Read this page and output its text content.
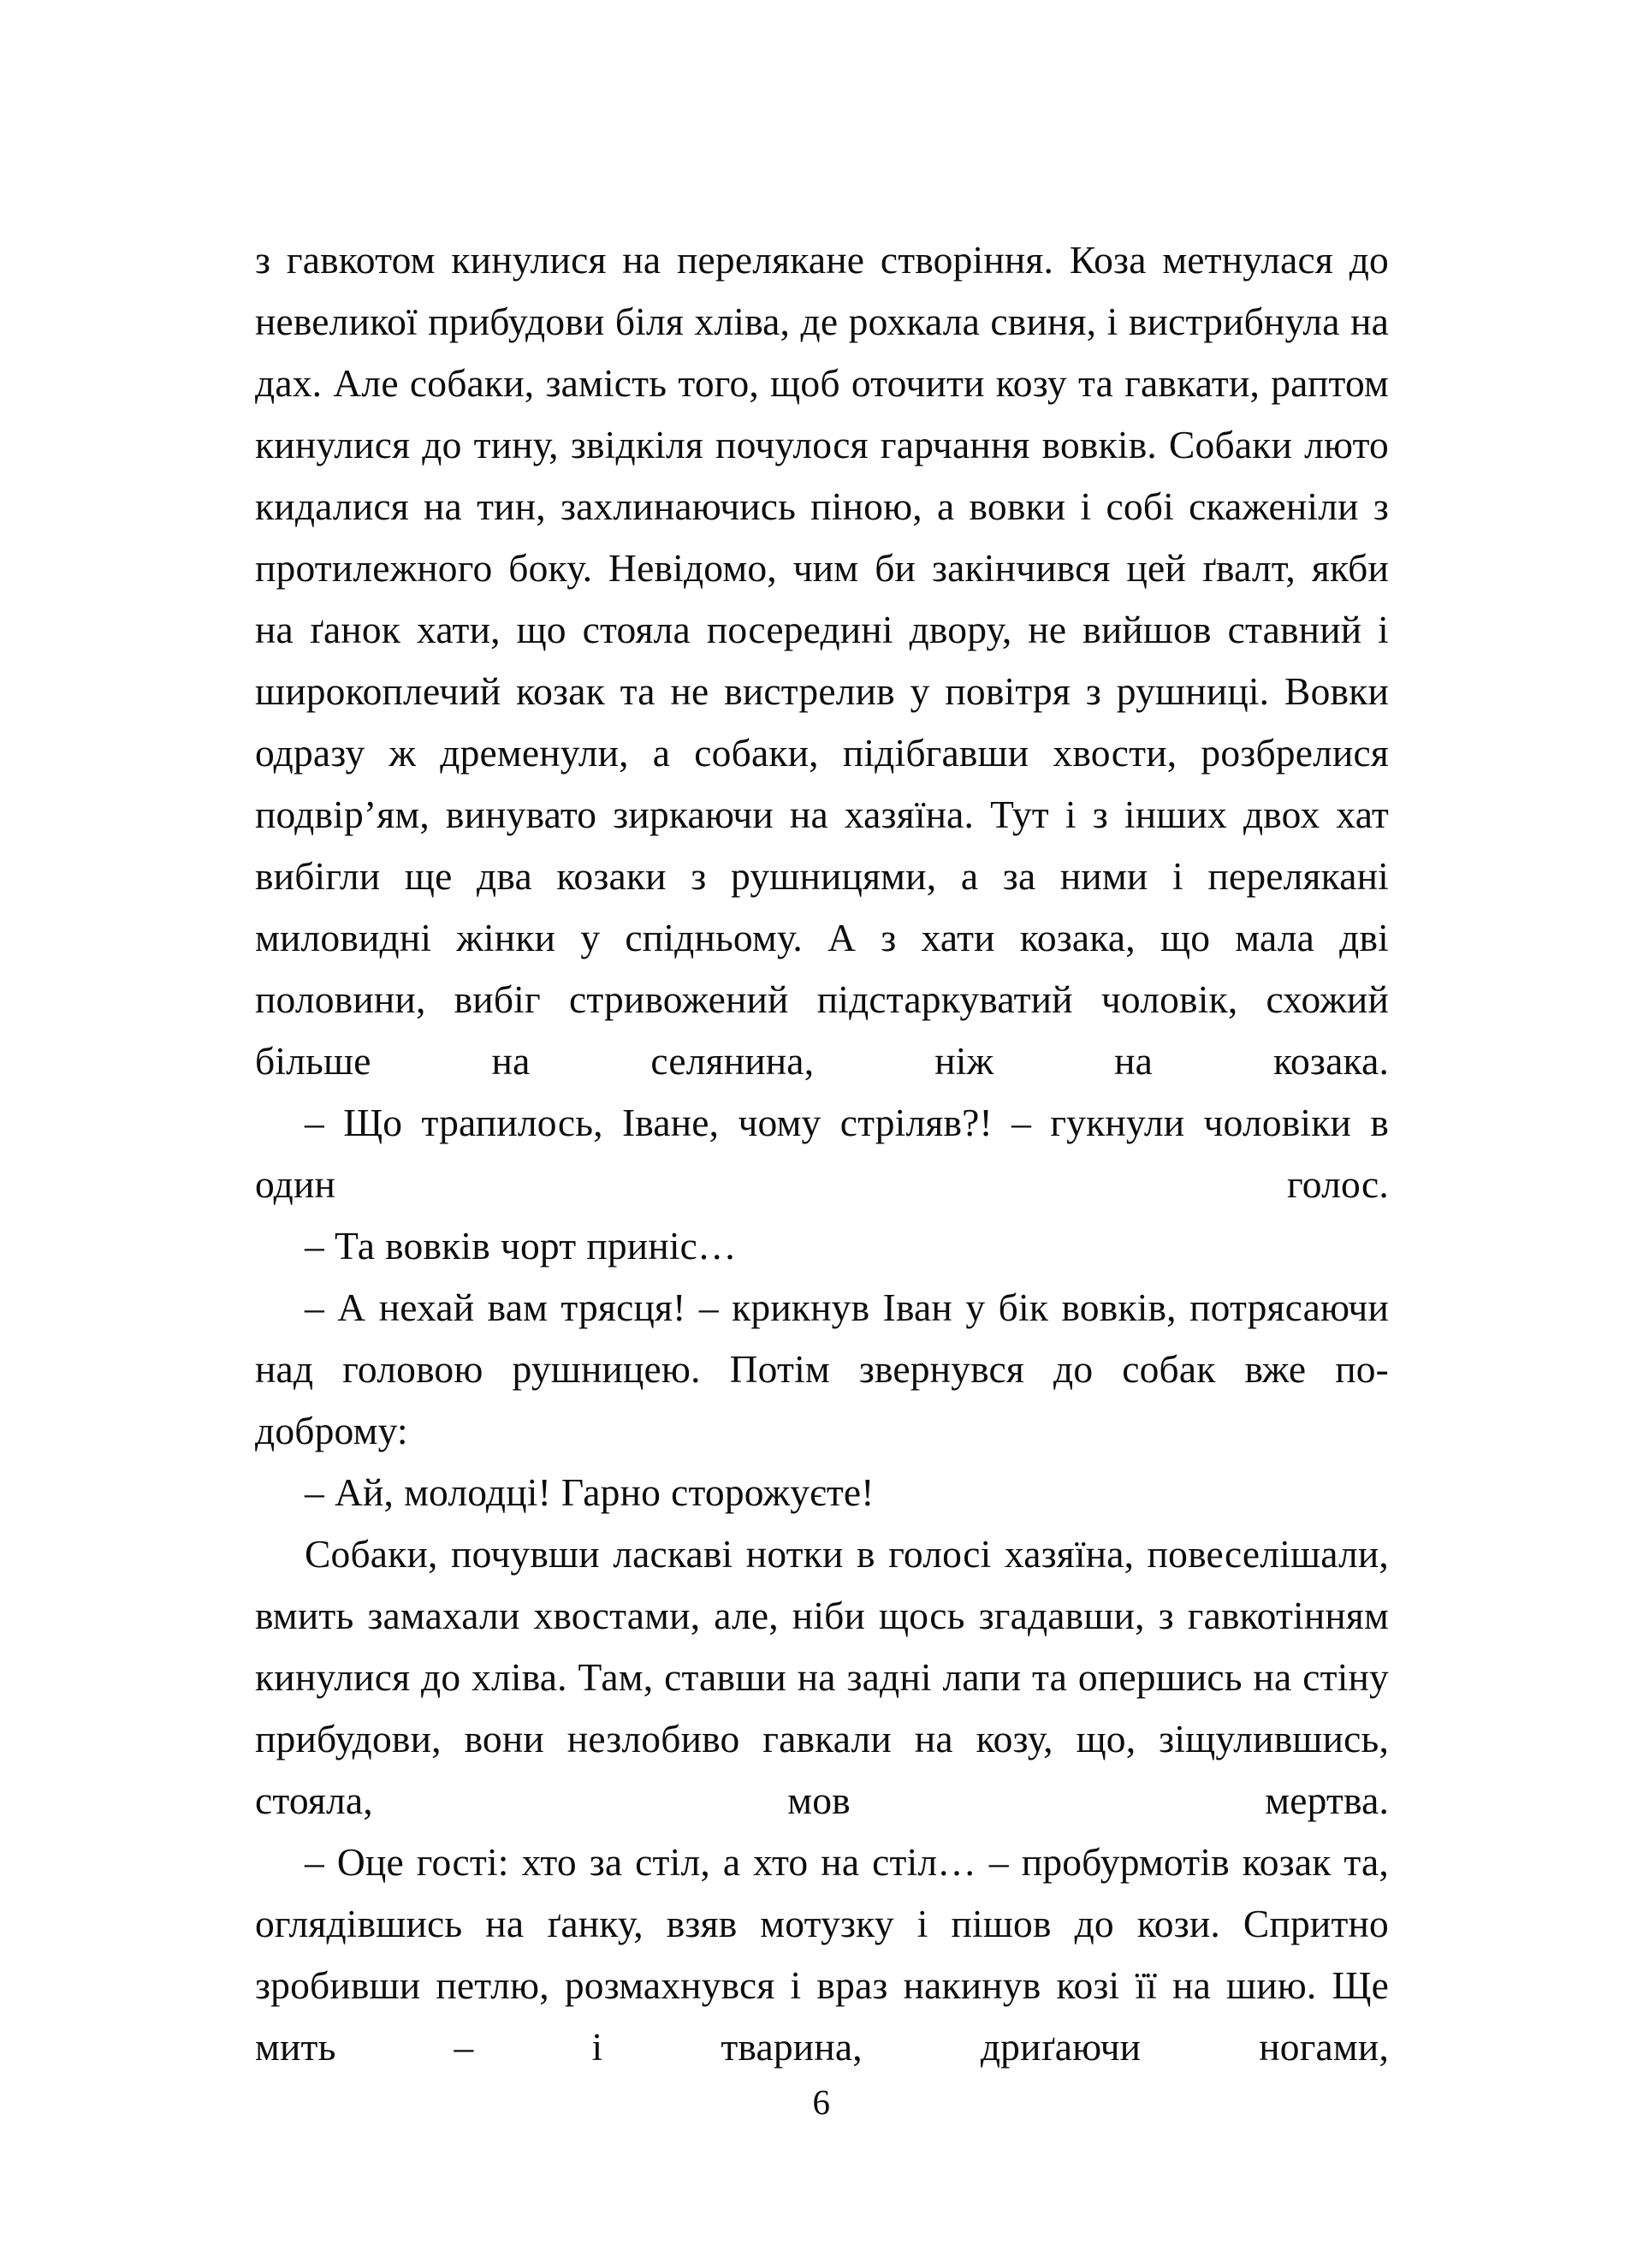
з гавкотом кинулися на перелякане створіння. Коза метнулася до невеликої прибудови біля хліва, де рохкала свиня, і вистрибнула на дах. Але собаки, замість того, щоб оточити козу та гавкати, раптом кинулися до тину, звідкіля почулося гарчання вовків. Собаки люто кидалися на тин, захлинаючись піною, а вовки і собі скаженіли з протилежного боку. Невідомо, чим би закінчився цей ґвалт, якби на ґанок хати, що стояла посередині двору, не вийшов ставний і широкоплечий козак та не вистрелив у повітря з рушниці. Вовки одразу ж дременули, а собаки, підібгавши хвости, розбрелися подвір’ям, винувато зиркаючи на хазяїна. Тут і з інших двох хат вибігли ще два козаки з рушницями, а за ними і перелякані миловидні жінки у спідньому. А з хати козака, що мала дві половини, вибіг стривожений підстаркуватий чоловік, схожий більше на селянина, ніж на козака.

– Що трапилось, Іване, чому стріляв?! – гукнули чоловіки в один голос.

– Та вовків чорт приніс…

– А нехай вам трясця! – крикнув Іван у бік вовків, потрясаючи над головою рушницею. Потім звернувся до собак вже по-доброму:

– Ай, молодці! Гарно сторожуєте!

Собаки, почувши ласкаві нотки в голосі хазяїна, повеселішали, вмить замахали хвостами, але, ніби щось згадавши, з гавкотінням кинулися до хліва. Там, ставши на задні лапи та опершись на стіну прибудови, вони незлобиво гавкали на козу, що, зіщулившись, стояла, мов мертва.

– Оце гості: хто за стіл, а хто на стіл… – пробурмотів козак та, оглядівшись на ґанку, взяв мотузку і пішов до кози. Спритно зробивши петлю, розмахнувся і враз накинув козі її на шию. Ще мить – і тварина, дриґаючи ногами,

6
